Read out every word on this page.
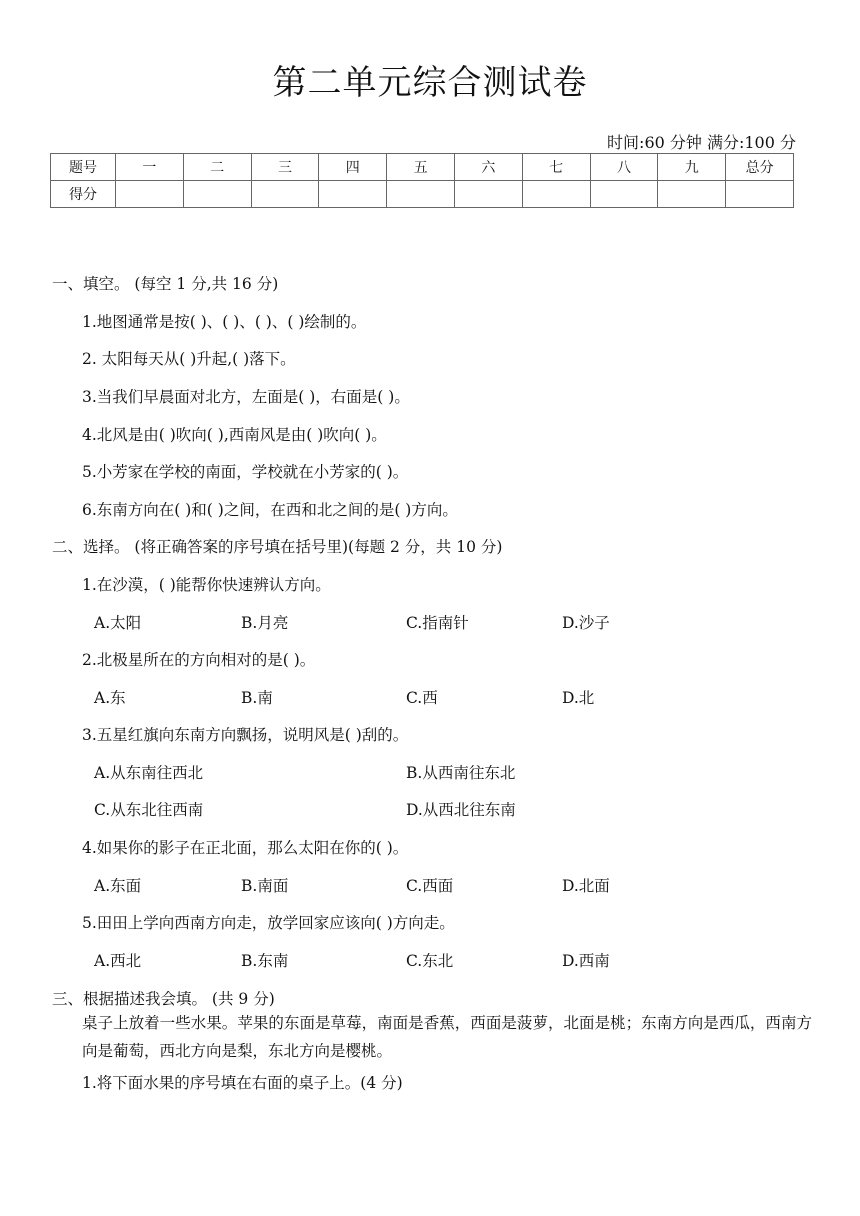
第二单元综合测试卷
时间:60 分钟 满分:100 分
题号	一	二	三	四	五	六	七	八	九	总分
得分										
一、填空。 (每空 1 分,共 16 分)
1.地图通常是按( )、( )、( )、( )绘制的。
2. 太阳每天从( )升起,( )落下。
3.当我们早晨面对北方，左面是( )，右面是( )。
4.北风是由( )吹向( ),西南风是由( )吹向( )。
5.小芳家在学校的南面，学校就在小芳家的( )。
6.东南方向在( )和( )之间，在西和北之间的是( )方向。
二、选择。 (将正确答案的序号填在括号里)(每题 2 分，共 10 分)
1.在沙漠，( )能帮你快速辨认方向。
A.太阳	B.月亮	C.指南针	D.沙子
2.北极星所在的方向相对的是( )。
A.东	B.南	C.西	D.北
3.五星红旗向东南方向飘扬，说明风是( )刮的。
A.从东南往西北	B.从西南往东北
C.从东北往西南	D.从西北往东南
4.如果你的影子在正北面，那么太阳在你的( )。
A.东面	B.南面	C.西面	D.北面
5.田田上学向西南方向走，放学回家应该向( )方向走。
A.西北	B.东南	C.东北	D.西南
三、根据描述我会填。 (共 9 分)
桌子上放着一些水果。苹果的东面是草莓，南面是香蕉，西面是菠萝，北面是桃；东南方向是西瓜，西南方向是葡萄，西北方向是梨，东北方向是樱桃。
1.将下面水果的序号填在右面的桌子上。(4 分)
